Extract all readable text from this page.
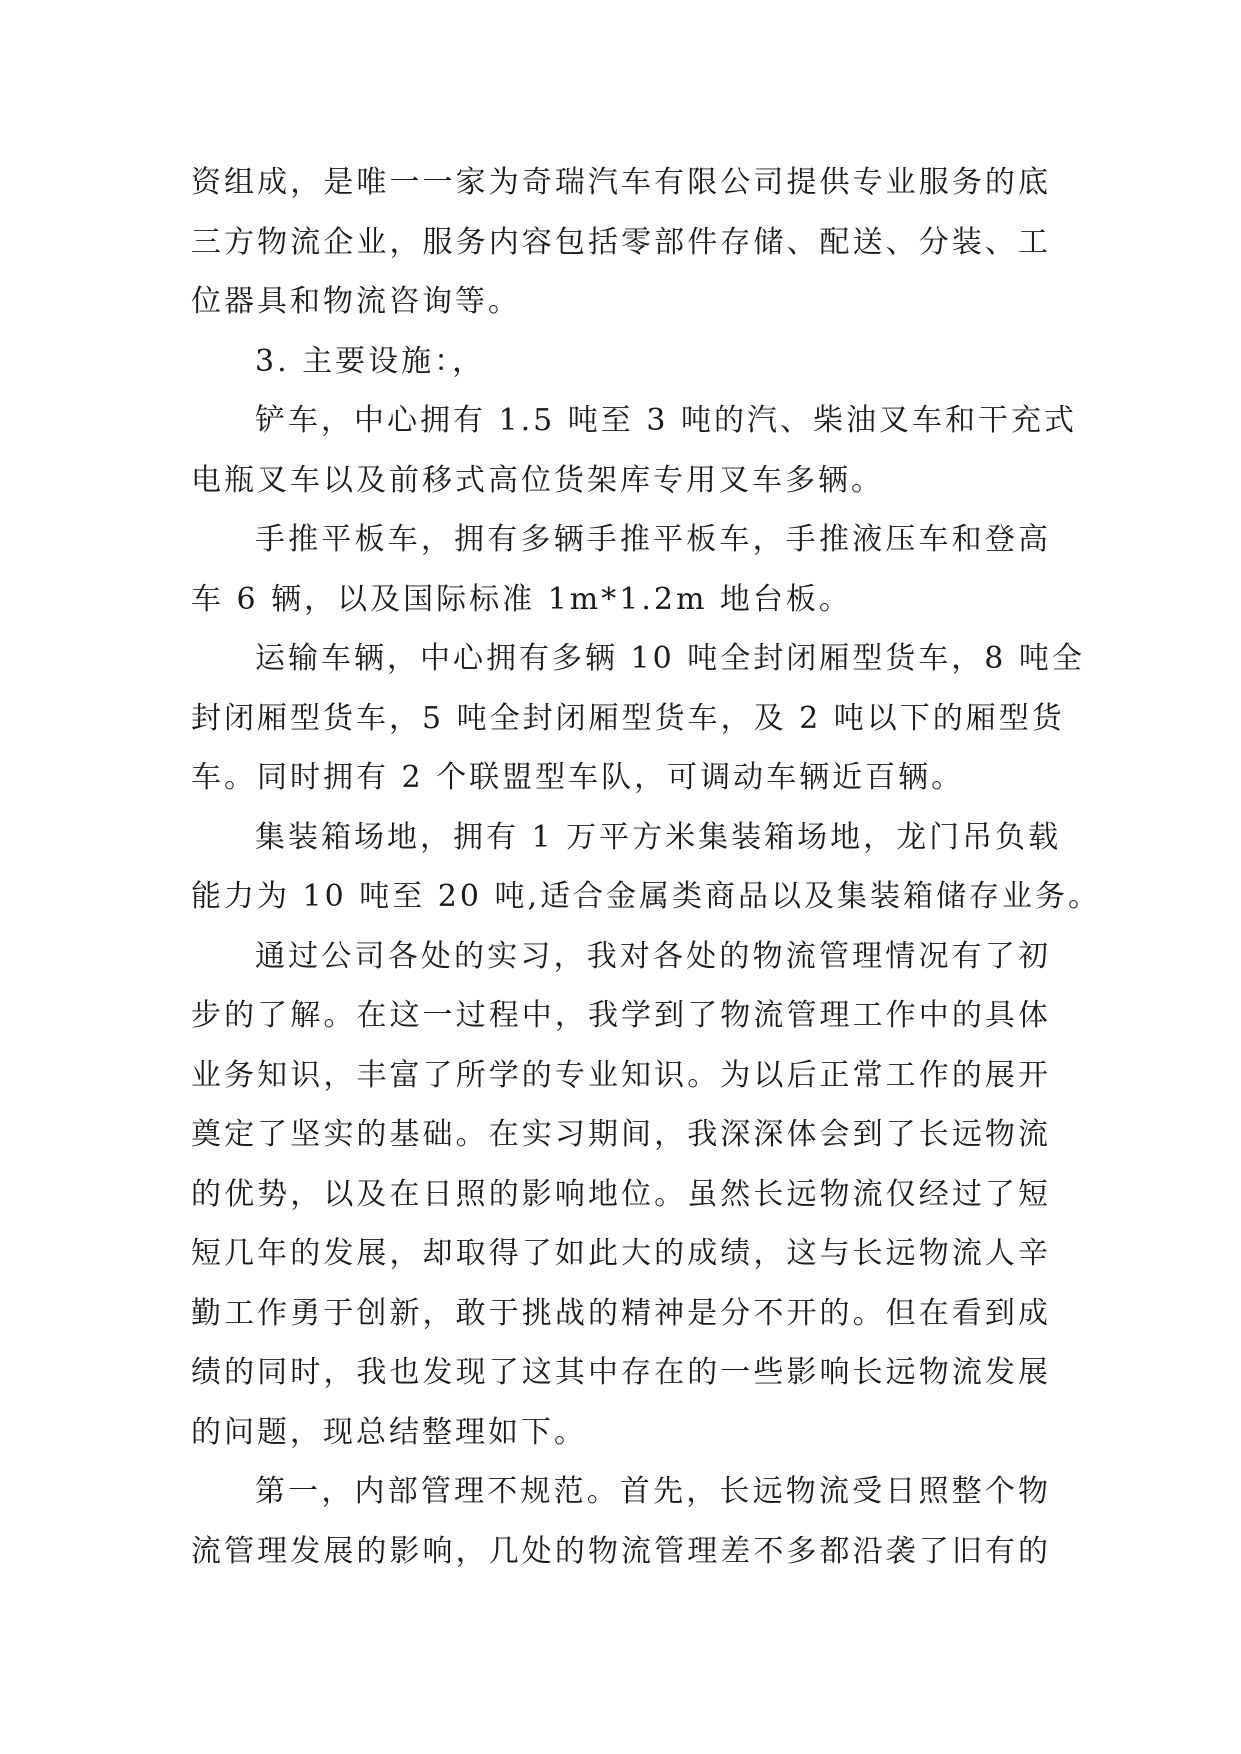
资组成，是唯一一家为奇瑞汽车有限公司提供专业服务的底
三方物流企业，服务内容包括零部件存储、配送、分装、工
位器具和物流咨询等。
3. 主要设施：，
铲车，中心拥有 1.5 吨至 3 吨的汽、柴油叉车和干充式
电瓶叉车以及前移式高位货架库专用叉车多辆。
手推平板车，拥有多辆手推平板车，手推液压车和登高
车 6 辆，以及国际标准 1m*1.2m 地台板。
运输车辆，中心拥有多辆 10 吨全封闭厢型货车，8 吨全
封闭厢型货车，5 吨全封闭厢型货车，及 2 吨以下的厢型货
车。同时拥有 2 个联盟型车队，可调动车辆近百辆。
集装箱场地，拥有 1 万平方米集装箱场地，龙门吊负载
能力为 10 吨至 20 吨,适合金属类商品以及集装箱储存业务。
通过公司各处的实习，我对各处的物流管理情况有了初
步的了解。在这一过程中，我学到了物流管理工作中的具体
业务知识，丰富了所学的专业知识。为以后正常工作的展开
奠定了坚实的基础。在实习期间，我深深体会到了长远物流
的优势，以及在日照的影响地位。虽然长远物流仅经过了短
短几年的发展，却取得了如此大的成绩，这与长远物流人辛
勤工作勇于创新，敢于挑战的精神是分不开的。但在看到成
绩的同时，我也发现了这其中存在的一些影响长远物流发展
的问题，现总结整理如下。
第一，内部管理不规范。首先，长远物流受日照整个物
流管理发展的影响，几处的物流管理差不多都沿袭了旧有的
